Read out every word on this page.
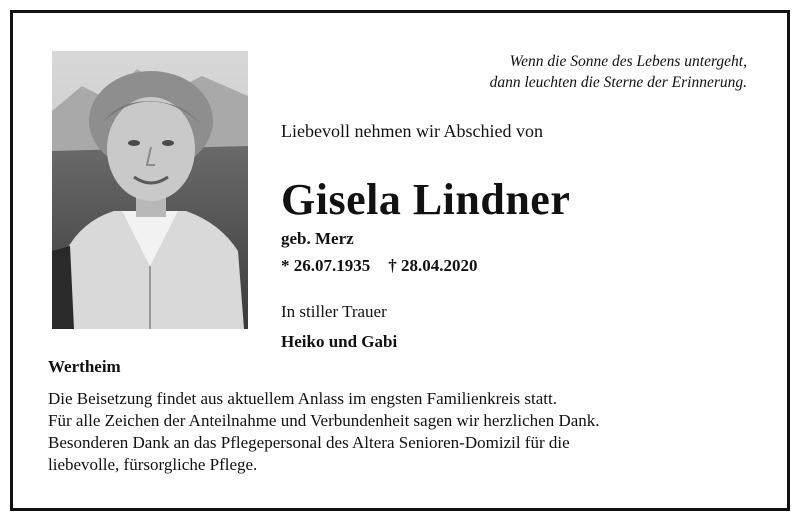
Wenn die Sonne des Lebens untergeht,
dann leuchten die Sterne der Erinnerung.
Liebevoll nehmen wir Abschied von
Gisela Lindner
geb. Merz
* 26.07.1935 † 28.04.2020
In stiller Trauer
Heiko und Gabi
Wertheim
Die Beisetzung findet aus aktuellem Anlass im engsten Familienkreis statt.
Für alle Zeichen der Anteilnahme und Verbundenheit sagen wir herzlichen Dank.
Besonderen Dank an das Pflegepersonal des Altera Senioren-Domizil für die
liebevolle, fürsorgliche Pflege.
